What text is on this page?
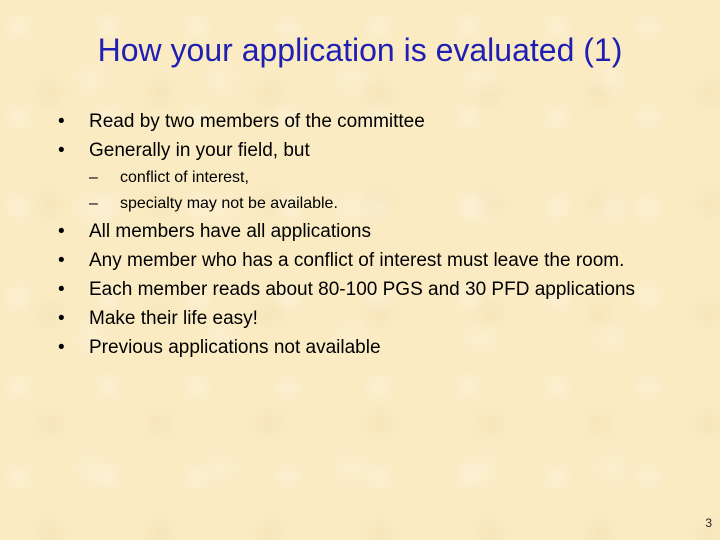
How your application is evaluated (1)
• Read by two members of the committee
• Generally in your field, but
– conflict of interest,
– specialty may not be available.
• All members have all applications
• Any member who has a conflict of interest must leave the room.
• Each member reads about 80-100 PGS and 30 PFD applications
• Make their life easy!
• Previous applications not available
3
